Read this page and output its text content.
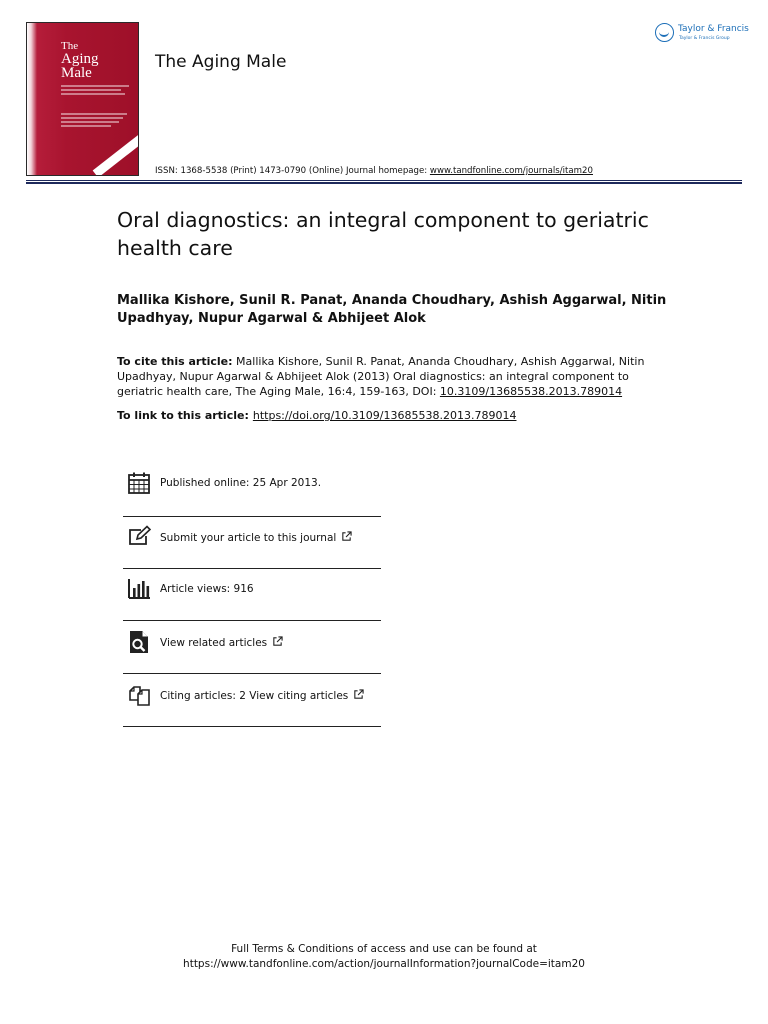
The
Aging
Male
The Aging Male
Taylor & Francis
Taylor & Francis Group
ISSN: 1368-5538 (Print) 1473-0790 (Online) Journal homepage: www.tandfonline.com/journals/itam20
Oral diagnostics: an integral component to geriatric health care
Mallika Kishore, Sunil R. Panat, Ananda Choudhary, Ashish Aggarwal, Nitin Upadhyay, Nupur Agarwal & Abhijeet Alok
To cite this article: Mallika Kishore, Sunil R. Panat, Ananda Choudhary, Ashish Aggarwal, Nitin Upadhyay, Nupur Agarwal & Abhijeet Alok (2013) Oral diagnostics: an integral component to geriatric health care, The Aging Male, 16:4, 159-163, DOI: 10.3109/13685538.2013.789014
To link to this article: https://doi.org/10.3109/13685538.2013.789014
Published online: 25 Apr 2013.
Submit your article to this journal
Article views: 916
View related articles
Citing articles: 2 View citing articles
Full Terms & Conditions of access and use can be found at
https://www.tandfonline.com/action/journalInformation?journalCode=itam20
